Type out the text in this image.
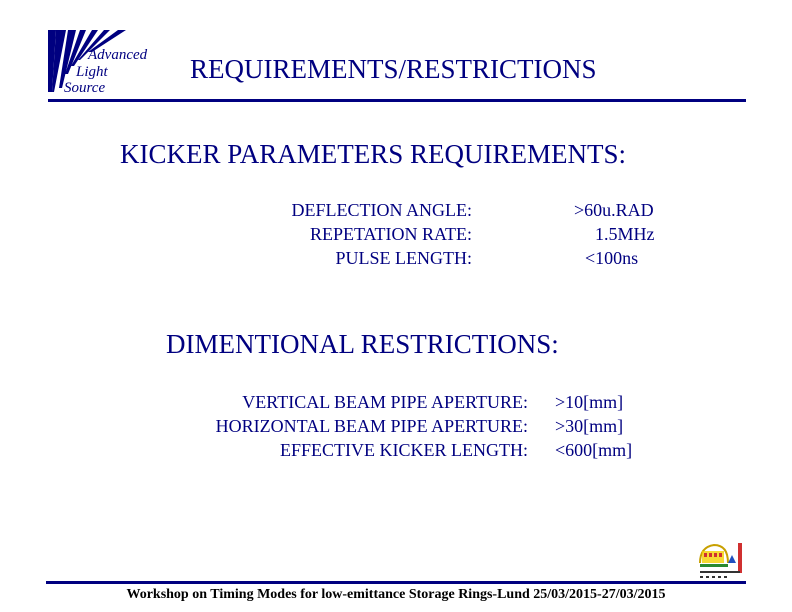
Advanced
Light
Source
REQUIREMENTS/RESTRICTIONS
KICKER PARAMETERS REQUIREMENTS:
DEFLECTION ANGLE:
REPETATION RATE:
PULSE LENGTH:
>60u.RAD
1.5MHz
<100ns
DIMENTIONAL RESTRICTIONS:
VERTICAL BEAM PIPE APERTURE:
HORIZONTAL BEAM PIPE APERTURE:
EFFECTIVE KICKER LENGTH:
>10[mm]
>30[mm]
<600[mm]
Workshop on Timing Modes for low-emittance Storage Rings-Lund 25/03/2015-27/03/2015
